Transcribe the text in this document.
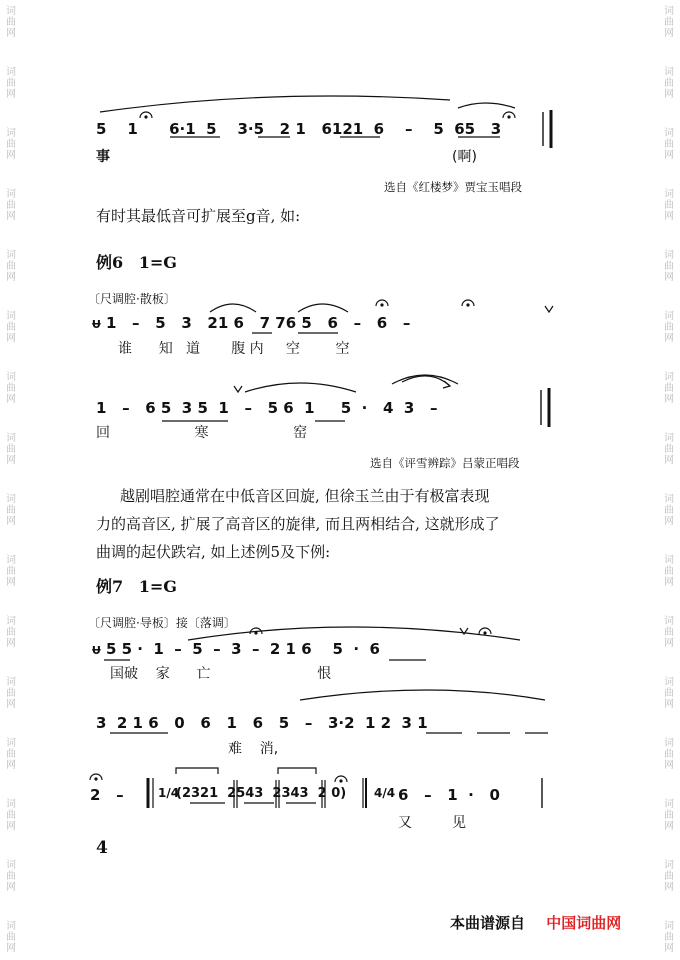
词
曲
网
词
曲
网
词
曲
网
词
曲
网
词
曲
网
词
曲
网
词
曲
网
词
曲
网
词
曲
网
词
曲
网
词
曲
网
词
曲
网
词
曲
网
词
曲
网
词
曲
网
词
曲
网
词
曲
网
词
曲
网
词
曲
网
词
曲
网
词
曲
网
词
曲
网
词
曲
网
词
曲
网
词
曲
网
词
曲
网
词
曲
网
词
曲
网
词
曲
网
词
曲
网
词
曲
网
词
曲
网
5    1      6·1  5    3·5   2 1   6121  6    –    5  65   3
事	(啊)
选自《红楼梦》贾宝玉唱段
有时其最低音可扩展至g音, 如:
例6 1=G
〔尺调腔·散板〕
ᵾ 1   –   5   3   21 6   7 76 5   6   –   6   –
谁      知   道       腹 内     空        空
1   –   6 5  3 5  1   –   5 6  1     5  ·   4  3   –
回                   寒                   窑
选自《评雪辨踪》吕蒙正唱段
越剧唱腔通常在中低音区回旋, 但徐玉兰由于有极富表现
力的高音区, 扩展了高音区的旋律, 而且两相结合, 这就形成了
曲调的起伏跌宕, 如上述例5及下例:
例7 1=G
〔尺调腔·导板〕接〔落调〕
ᵾ 5 5 ·  1  –  5  –  3  –  2 1 6    5  ·  6
国破    家      亡                        恨
3  2 1 6   0   6   1   6   5   –   3·2  1 2  3 1
难    消,
2   –	1/4
(2321  2543  2343  2 0) 4/4 6   –   1  ·   0
又         见
4
本曲谱源自 中国词曲网
